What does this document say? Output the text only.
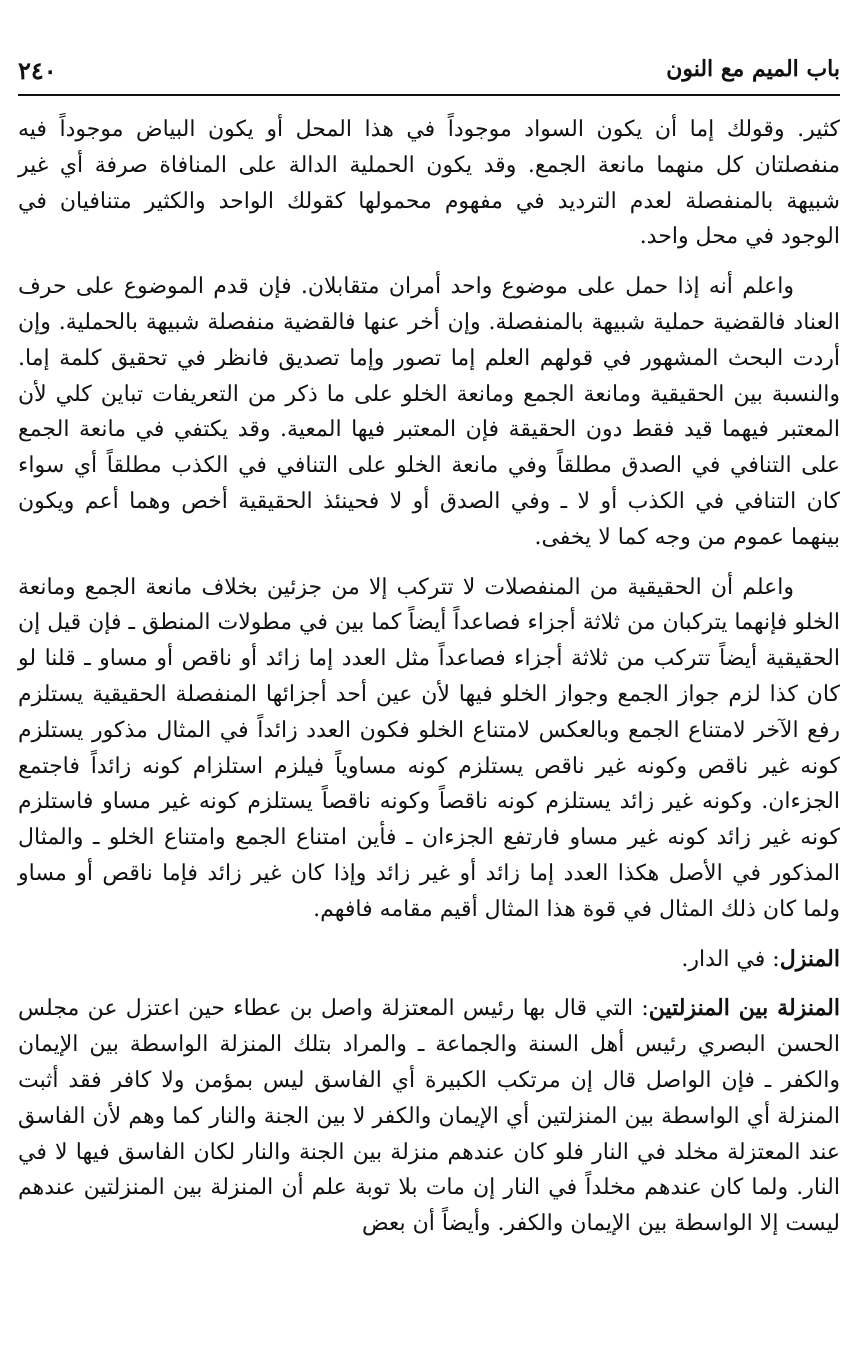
باب الميم مع النون
٢٤٠

كثير. وقولك إما أن يكون السواد موجوداً في هذا المحل أو يكون البياض موجوداً فيه منفصلتان كل منهما مانعة الجمع. وقد يكون الحملية الدالة على المنافاة صرفة أي غير شبيهة بالمنفصلة لعدم الترديد في مفهوم محمولها كقولك الواحد والكثير متنافيان في الوجود في محل واحد.

واعلم أنه إذا حمل على موضوع واحد أمران متقابلان. فإن قدم الموضوع على حرف العناد فالقضية حملية شبيهة بالمنفصلة. وإن أخر عنها فالقضية منفصلة شبيهة بالحملية. وإن أردت البحث المشهور في قولهم العلم إما تصور وإما تصديق فانظر في تحقيق كلمة إما. والنسبة بين الحقيقية ومانعة الجمع ومانعة الخلو على ما ذكر من التعريفات تباين كلي لأن المعتبر فيهما قيد فقط دون الحقيقة فإن المعتبر فيها المعية. وقد يكتفي في مانعة الجمع على التنافي في الصدق مطلقاً وفي مانعة الخلو على التنافي في الكذب مطلقاً أي سواء كان التنافي في الكذب أو لا ـ وفي الصدق أو لا فحينئذ الحقيقية أخص وهما أعم ويكون بينهما عموم من وجه كما لا يخفى.

واعلم أن الحقيقية من المنفصلات لا تتركب إلا من جزئين بخلاف مانعة الجمع ومانعة الخلو فإنهما يتركبان من ثلاثة أجزاء فصاعداً أيضاً كما بين في مطولات المنطق ـ فإن قيل إن الحقيقية أيضاً تتركب من ثلاثة أجزاء فصاعداً مثل العدد إما زائد أو ناقص أو مساو ـ قلنا لو كان كذا لزم جواز الجمع وجواز الخلو فيها لأن عين أحد أجزائها المنفصلة الحقيقية يستلزم رفع الآخر لامتناع الجمع وبالعكس لامتناع الخلو فكون العدد زائداً في المثال مذكور يستلزم كونه غير ناقص وكونه غير ناقص يستلزم كونه مساوياً فيلزم استلزام كونه زائداً فاجتمع الجزءان. وكونه غير زائد يستلزم كونه ناقصاً وكونه ناقصاً يستلزم كونه غير مساو فاستلزم كونه غير زائد كونه غير مساو فارتفع الجزءان ـ فأين امتناع الجمع وامتناع الخلو ـ والمثال المذكور في الأصل هكذا العدد إما زائد أو غير زائد وإذا كان غير زائد فإما ناقص أو مساو ولما كان ذلك المثال في قوة هذا المثال أقيم مقامه فافهم.

المنزل: في الدار.

المنزلة بين المنزلتين: التي قال بها رئيس المعتزلة واصل بن عطاء حين اعتزل عن مجلس الحسن البصري رئيس أهل السنة والجماعة ـ والمراد بتلك المنزلة الواسطة بين الإيمان والكفر ـ فإن الواصل قال إن مرتكب الكبيرة أي الفاسق ليس بمؤمن ولا كافر فقد أثبت المنزلة أي الواسطة بين المنزلتين أي الإيمان والكفر لا بين الجنة والنار كما وهم لأن الفاسق عند المعتزلة مخلد في النار فلو كان عندهم منزلة بين الجنة والنار لكان الفاسق فيها لا في النار. ولما كان عندهم مخلداً في النار إن مات بلا توبة علم أن المنزلة بين المنزلتين عندهم ليست إلا الواسطة بين الإيمان والكفر. وأيضاً أن بعض
